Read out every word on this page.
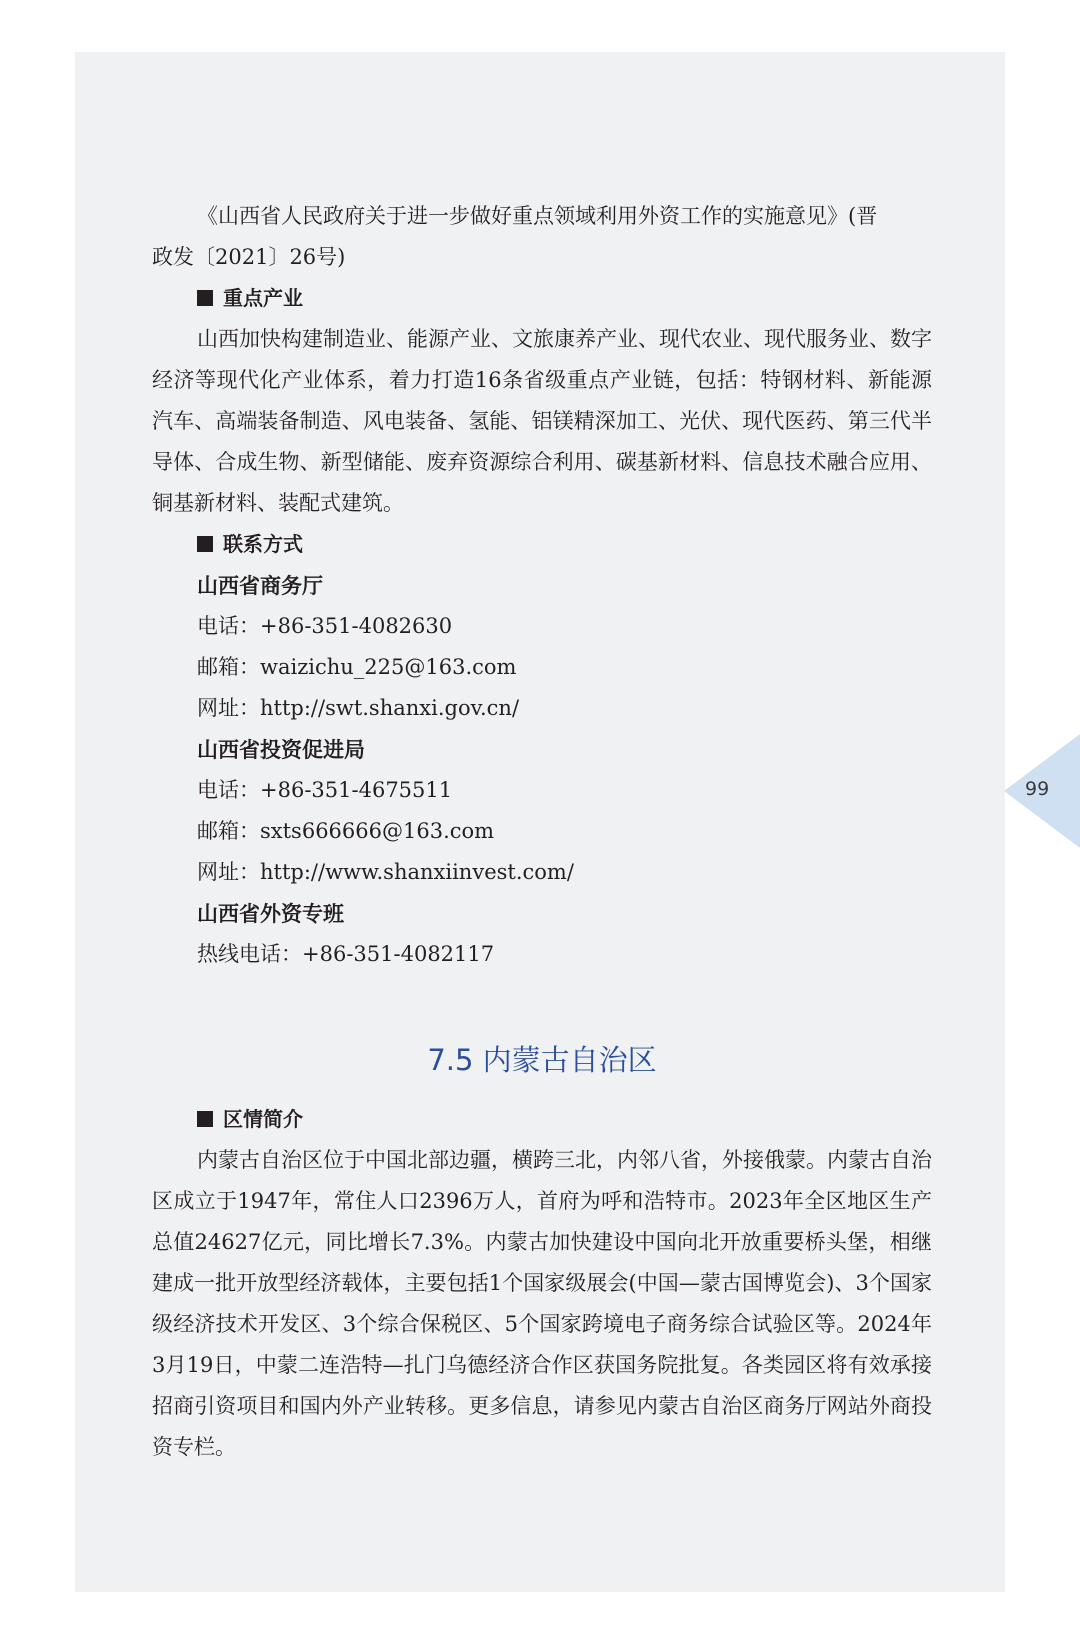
《山西省人民政府关于进一步做好重点领域利用外资工作的实施意见》(晋
政发〔2021〕26号)

重点产业

山西加快构建制造业、能源产业、文旅康养产业、现代农业、现代服务业、数字经济等现代化产业体系，着力打造16条省级重点产业链，包括：特钢材料、新能源汽车、高端装备制造、风电装备、氢能、铝镁精深加工、光伏、现代医药、第三代半导体、合成生物、新型储能、废弃资源综合利用、碳基新材料、信息技术融合应用、铜基新材料、装配式建筑。

联系方式

山西省商务厅

电话：+86-351-4082630

邮箱：waizichu_225@163.com

网址：http://swt.shanxi.gov.cn/

山西省投资促进局

电话：+86-351-4675511

邮箱：sxts666666@163.com

网址：http://www.shanxiinvest.com/

山西省外资专班

热线电话：+86-351-4082117

7.5 内蒙古自治区

区情简介

内蒙古自治区位于中国北部边疆，横跨三北，内邻八省，外接俄蒙。内蒙古自治区成立于1947年，常住人口2396万人，首府为呼和浩特市。2023年全区地区生产总值24627亿元，同比增长7.3%。内蒙古加快建设中国向北开放重要桥头堡，相继建成一批开放型经济载体，主要包括1个国家级展会(中国—蒙古国博览会)、3个国家级经济技术开发区、3个综合保税区、5个国家跨境电子商务综合试验区等。2024年3月19日，中蒙二连浩特—扎门乌德经济合作区获国务院批复。各类园区将有效承接招商引资项目和国内外产业转移。更多信息，请参见内蒙古自治区商务厅网站外商投资专栏。

99
